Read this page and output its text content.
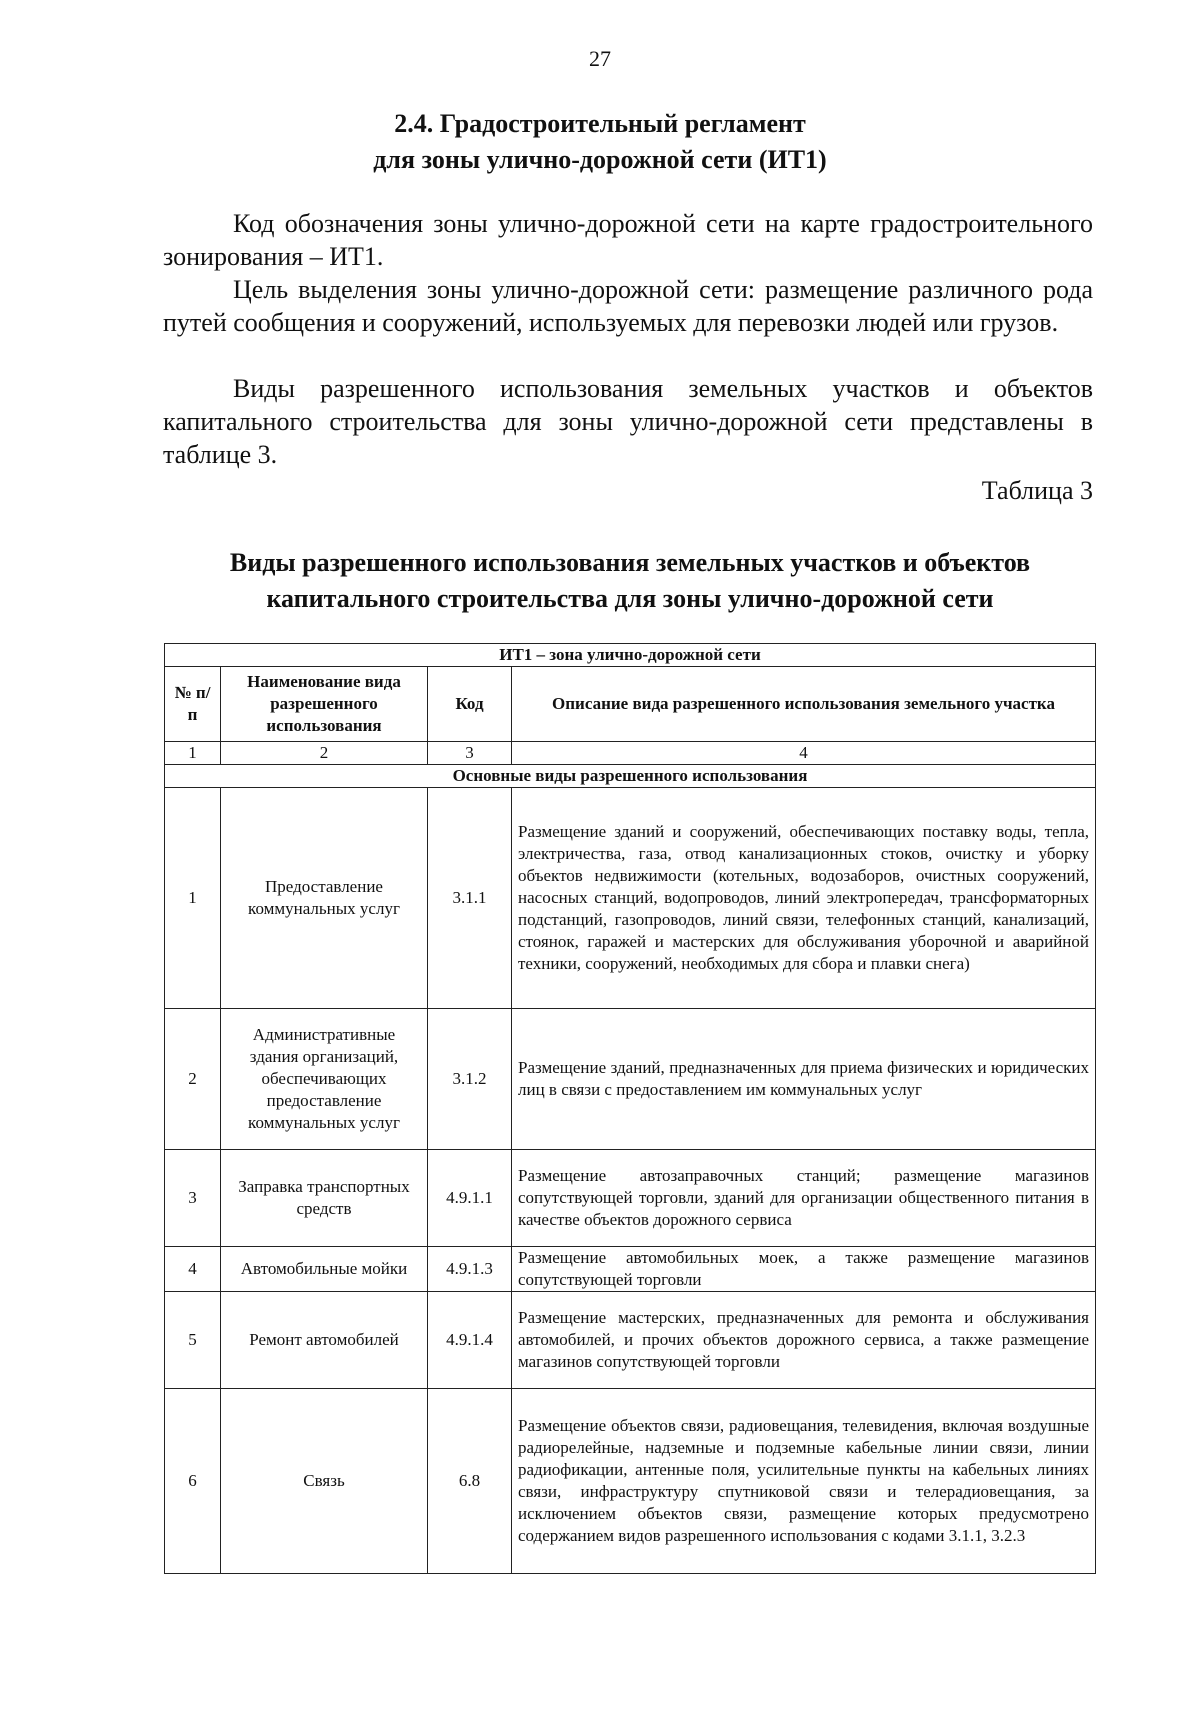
27
2.4. Градостроительный регламент
для зоны улично-дорожной сети (ИТ1)

Код обозначения зоны улично-дорожной сети на карте градостроительного зонирования – ИТ1.

Цель выделения зоны улично-дорожной сети: размещение различного рода путей сообщения и сооружений, используемых для перевозки людей или грузов.

Виды разрешенного использования земельных участков и объектов капитального строительства для зоны улично-дорожной сети представлены в таблице 3.

Таблица 3
Виды разрешенного использования земельных участков и объектов
капитального строительства для зоны улично-дорожной сети
ИТ1 – зона улично-дорожной сети			
№ п/п	Наименование вида разрешенного использования	Код	Описание вида разрешенного использования земельного участка
1	2	3	4
Основные виды разрешенного использования			
1	Предоставление коммунальных услуг	3.1.1	Размещение зданий и сооружений, обеспечивающих поставку воды, тепла, электричества, газа, отвод канализационных стоков, очистку и уборку объектов недвижимости (котельных, водозаборов, очистных сооружений, насосных станций, водопроводов, линий электропередач, трансформаторных подстанций, газопроводов, линий связи, телефонных станций, канализаций, стоянок, гаражей и мастерских для обслуживания уборочной и аварийной техники, сооружений, необходимых для сбора и плавки снега)
2	Административные здания организаций, обеспечивающих предоставление коммунальных услуг	3.1.2	Размещение зданий, предназначенных для приема физических и юридических лиц в связи с предоставлением им коммунальных услуг
3	Заправка транспортных средств	4.9.1.1	Размещение автозаправочных станций; размещение магазинов сопутствующей торговли, зданий для организации общественного питания в качестве объектов дорожного сервиса
4	Автомобильные мойки	4.9.1.3	Размещение автомобильных моек, а также размещение магазинов сопутствующей торговли
5	Ремонт автомобилей	4.9.1.4	Размещение мастерских, предназначенных для ремонта и обслуживания автомобилей, и прочих объектов дорожного сервиса, а также размещение магазинов сопутствующей торговли
6	Связь	6.8	Размещение объектов связи, радиовещания, телевидения, включая воздушные радиорелейные, надземные и подземные кабельные линии связи, линии радиофикации, антенные поля, усилительные пункты на кабельных линиях связи, инфраструктуру спутниковой связи и телерадиовещания, за исключением объектов связи, размещение которых предусмотрено содержанием видов разрешенного использования с кодами 3.1.1, 3.2.3
